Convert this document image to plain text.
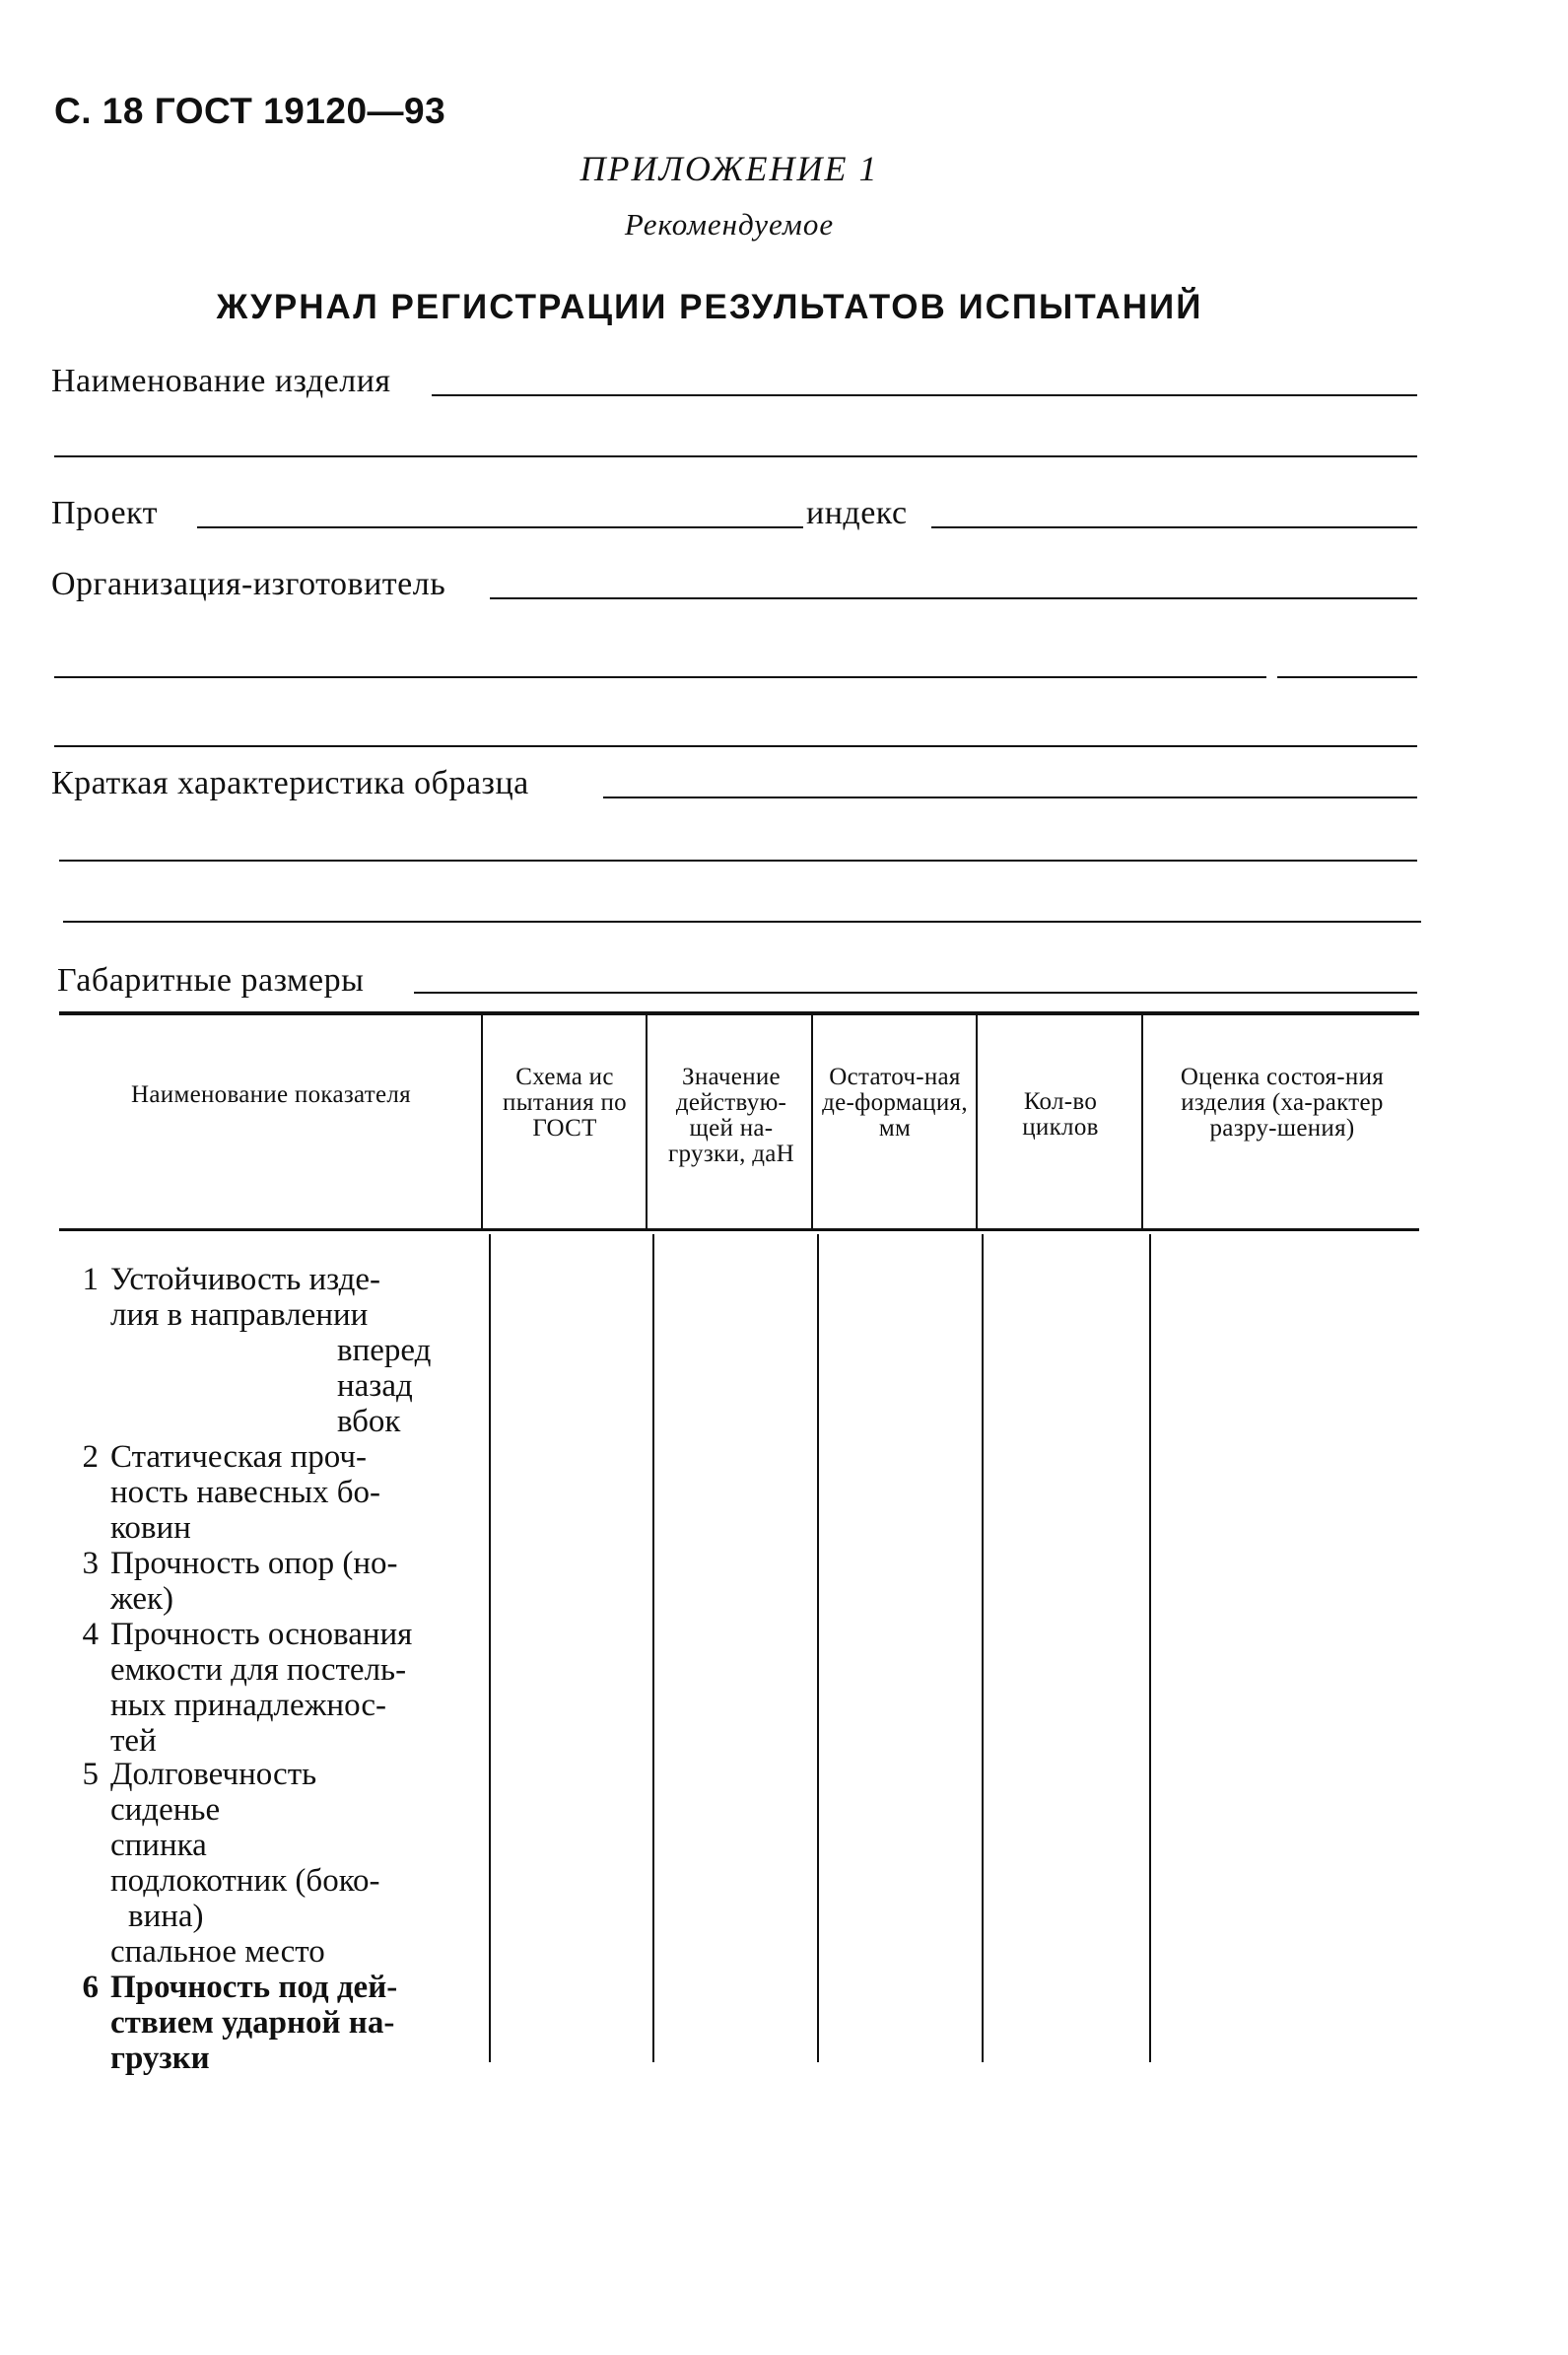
С. 18 ГОСТ 19120—93
ПРИЛОЖЕНИЕ 1
Рекомендуемое
ЖУРНАЛ РЕГИСТРАЦИИ РЕЗУЛЬТАТОВ ИСПЫТАНИЙ
Наименование изделия
Проект	индекс
Организация-изготовитель
Краткая характеристика образца
Габаритные размеры
Наименование показателя
Схема ис пытания по ГОСТ
Значение действую-щей на-грузки, даН
Остаточ-ная де-формация, мм
Кол-во циклов
Оценка состоя-ния изделия (ха-рактер разру-шения)
1 Устойчивость изде-
лия в направлении
вперед
назад
вбок
2 Статическая проч-
ность навесных бо-
ковин
3 Прочность опор (но-
жек)
4 Прочность основания
емкости для постель-
ных принадлежнос-
тей
5 Долговечность
сиденье
спинка
подлокотник (боко-
вина)
спальное место
6 Прочность под дей-
ствием ударной на-
грузки
